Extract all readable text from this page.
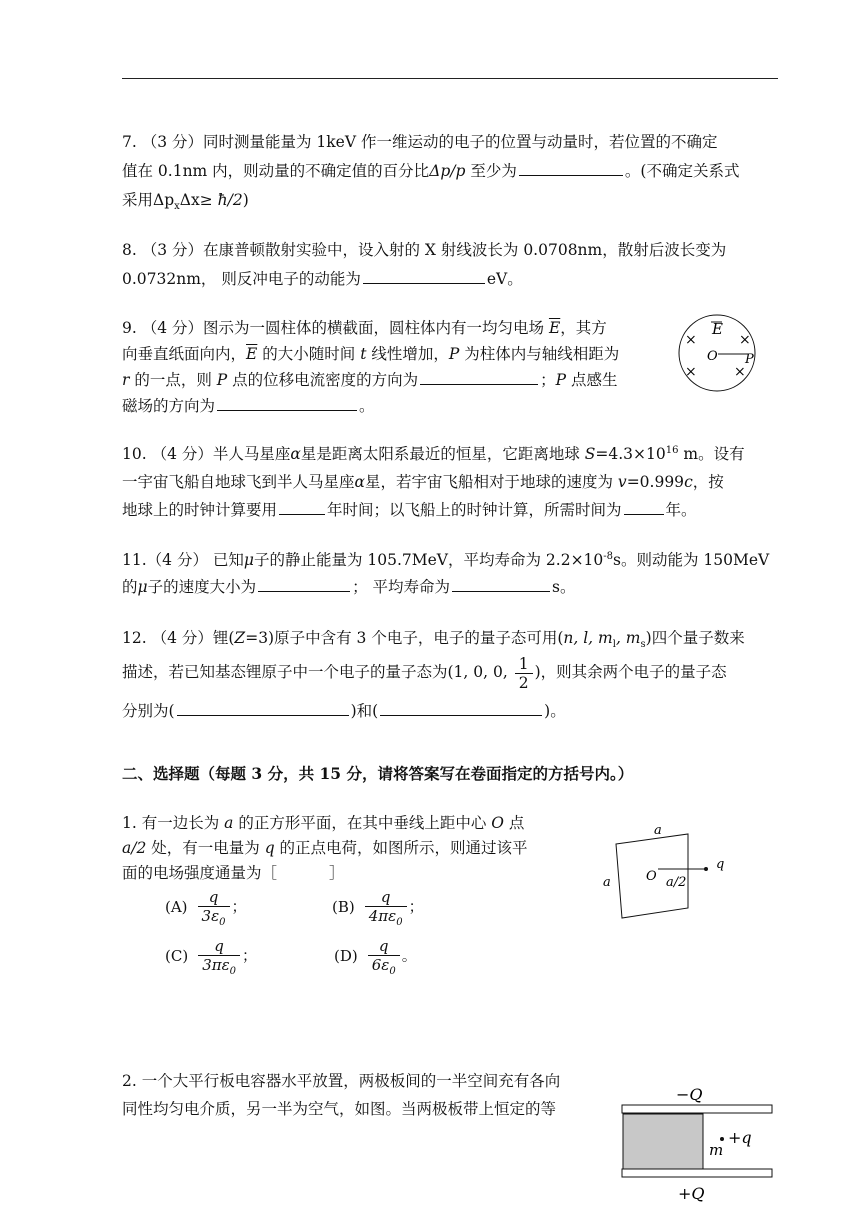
7. （3 分）同时测量能量为 1keV 作一维运动的电子的位置与动量时，若位置的不确定

值在 0.1nm 内，则动量的不确定值的百分比Δp/p 至少为	。(不确定关系式

采用$\Delta p_x\Delta x\ge$ ħ/2)

8. （3 分）在康普顿散射实验中，设入射的 X 射线波长为 0.0708nm，散射后波长变为

0.0732nm， 则反冲电子的动能为	eV。

9. （4 分）图示为一圆柱体的横截面，圆柱体内有一均匀电场 $\overline{E}$，其方

向垂直纸面向内，$\overline{E}$ 的大小随时间 t 线性增加，P 为柱体内与轴线相距为

r 的一点，则 P 点的位移电流密度的方向为	；P 点感生

磁场的方向为	。

E
×	×
×	×
O P

10. （4 分）半人马星座α星是距离太阳系最近的恒星，它距离地球 $S=4.3\times 10^{16}$ m。设有

一宇宙飞船自地球飞到半人马星座α星，若宇宙飞船相对于地球的速度为 v=0.999c，按

地球上的时钟计算要用	年时间；以飞船上的时钟计算，所需时间为	年。

11.（4 分） 已知μ子的静止能量为 105.7MeV，平均寿命为 $2.2\times 10^{-8}s$。则动能为 150MeV

的μ子的速度大小为	； 平均寿命为	s。

12. （4 分）锂(Z=3)原子中含有 3 个电子，电子的量子态可用(n, l, $m_l$, $m_s$)四个量子数来

描述，若已知基态锂原子中一个电子的量子态为(1, 0, 0, $\frac{1}{2}$ )，则其余两个电子的量子态

分别为(	)和(	)。

二、选择题（每题 3 分，共 15 分，请将答案写在卷面指定的方括号内。）

1. 有一边长为 a 的正方形平面，在其中垂线上距中心 O 点

a/2 处，有一电量为 q 的正点电荷，如图所示，则通过该平

面的电场强度通量为［	］

$(A) \frac{q}{3\varepsilon_0}$ ；	$(B) \frac{q}{4\pi\varepsilon_0}$ ；
$(C) \frac{q}{3\pi\varepsilon_0}$ ；	$(D) \frac{q}{6\varepsilon_0}$ 。
a
a	O a/2
q

2. 一个大平行板电容器水平放置，两极板间的一半空间充有各向

同性均匀电介质，另一半为空气，如图。当两极板带上恒定的等

−Q
+q
m
+Q
